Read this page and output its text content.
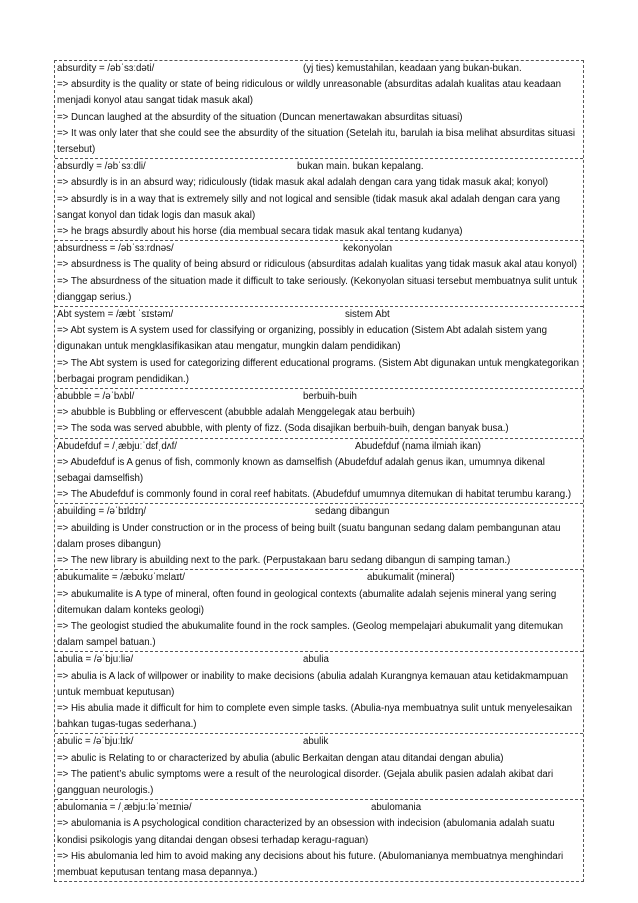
absurdity = /əbˈsɜːdəti/	(yj ties) kemustahilan, keadaan yang bukan-bukan.
=> absurdity is the quality or state of being ridiculous or wildly unreasonable (absurditas adalah kualitas atau keadaan menjadi konyol atau sangat tidak masuk akal)
=> Duncan laughed at the absurdity of the situation (Duncan menertawakan absurditas situasi)
=> It was only later that she could see the absurdity of the situation (Setelah itu, barulah ia bisa melihat absurditas situasi tersebut)
absurdly = /əbˈsɜːdli/	bukan main. bukan kepalang.
=> absurdly is in an absurd way; ridiculously (tidak masuk akal adalah dengan cara yang tidak masuk akal; konyol)
=> absurdly is in a way that is extremely silly and not logical and sensible (tidak masuk akal adalah dengan cara yang sangat konyol dan tidak logis dan masuk akal)
=> he brags absurdly about his horse (dia membual secara tidak masuk akal tentang kudanya)
absurdness = /əbˈsɜːrdnəs/	kekonyolan
=> absurdness is The quality of being absurd or ridiculous (absurditas adalah kualitas yang tidak masuk akal atau konyol)
=> The absurdness of the situation made it difficult to take seriously. (Kekonyolan situasi tersebut membuatnya sulit untuk dianggap serius.)
Abt system = /æbt ˈsɪstəm/	sistem Abt
=> Abt system is A system used for classifying or organizing, possibly in education (Sistem Abt adalah sistem yang digunakan untuk mengklasifikasikan atau mengatur, mungkin dalam pendidikan)
=> The Abt system is used for categorizing different educational programs. (Sistem Abt digunakan untuk mengkategorikan berbagai program pendidikan.)
abubble = /əˈbʌbl/	berbuih-buih
=> abubble is Bubbling or effervescent (abubble adalah Menggelegak atau berbuih)
=> The soda was served abubble, with plenty of fizz. (Soda disajikan berbuih-buih, dengan banyak busa.)
Abudefduf = /ˌæbjuːˈdɛfˌdʌf/	Abudefduf (nama ilmiah ikan)
=> Abudefduf is A genus of fish, commonly known as damselfish (Abudefduf adalah genus ikan, umumnya dikenal sebagai damselfish)
=> The Abudefduf is commonly found in coral reef habitats. (Abudefduf umumnya ditemukan di habitat terumbu karang.)
abuilding = /əˈbɪldɪŋ/	sedang dibangun
=> abuilding is Under construction or in the process of being built (suatu bangunan sedang dalam pembangunan atau dalam proses dibangun)
=> The new library is abuilding next to the park. (Perpustakaan baru sedang dibangun di samping taman.)
abukumalite = /æbʊkʊˈmɛlaɪt/	abukumalit (mineral)
=> abukumalite is A type of mineral, often found in geological contexts (abumalite adalah sejenis mineral yang sering ditemukan dalam konteks geologi)
=> The geologist studied the abukumalite found in the rock samples. (Geolog mempelajari abukumalit yang ditemukan dalam sampel batuan.)
abulia = /əˈbjuːliə/	abulia
=> abulia is A lack of willpower or inability to make decisions (abulia adalah Kurangnya kemauan atau ketidakmampuan untuk membuat keputusan)
=> His abulia made it difficult for him to complete even simple tasks. (Abulia-nya membuatnya sulit untuk menyelesaikan bahkan tugas-tugas sederhana.)
abulic = /əˈbjuːlɪk/	abulik
=> abulic is Relating to or characterized by abulia (abulic Berkaitan dengan atau ditandai dengan abulia)
=> The patient’s abulic symptoms were a result of the neurological disorder. (Gejala abulik pasien adalah akibat dari gangguan neurologis.)
abulomania = /ˌæbjuːləˈmeɪniə/	abulomania
=> abulomania is A psychological condition characterized by an obsession with indecision (abulomania adalah suatu kondisi psikologis yang ditandai dengan obsesi terhadap keragu-raguan)
=> His abulomania led him to avoid making any decisions about his future. (Abulomanianya membuatnya menghindari membuat keputusan tentang masa depannya.)
